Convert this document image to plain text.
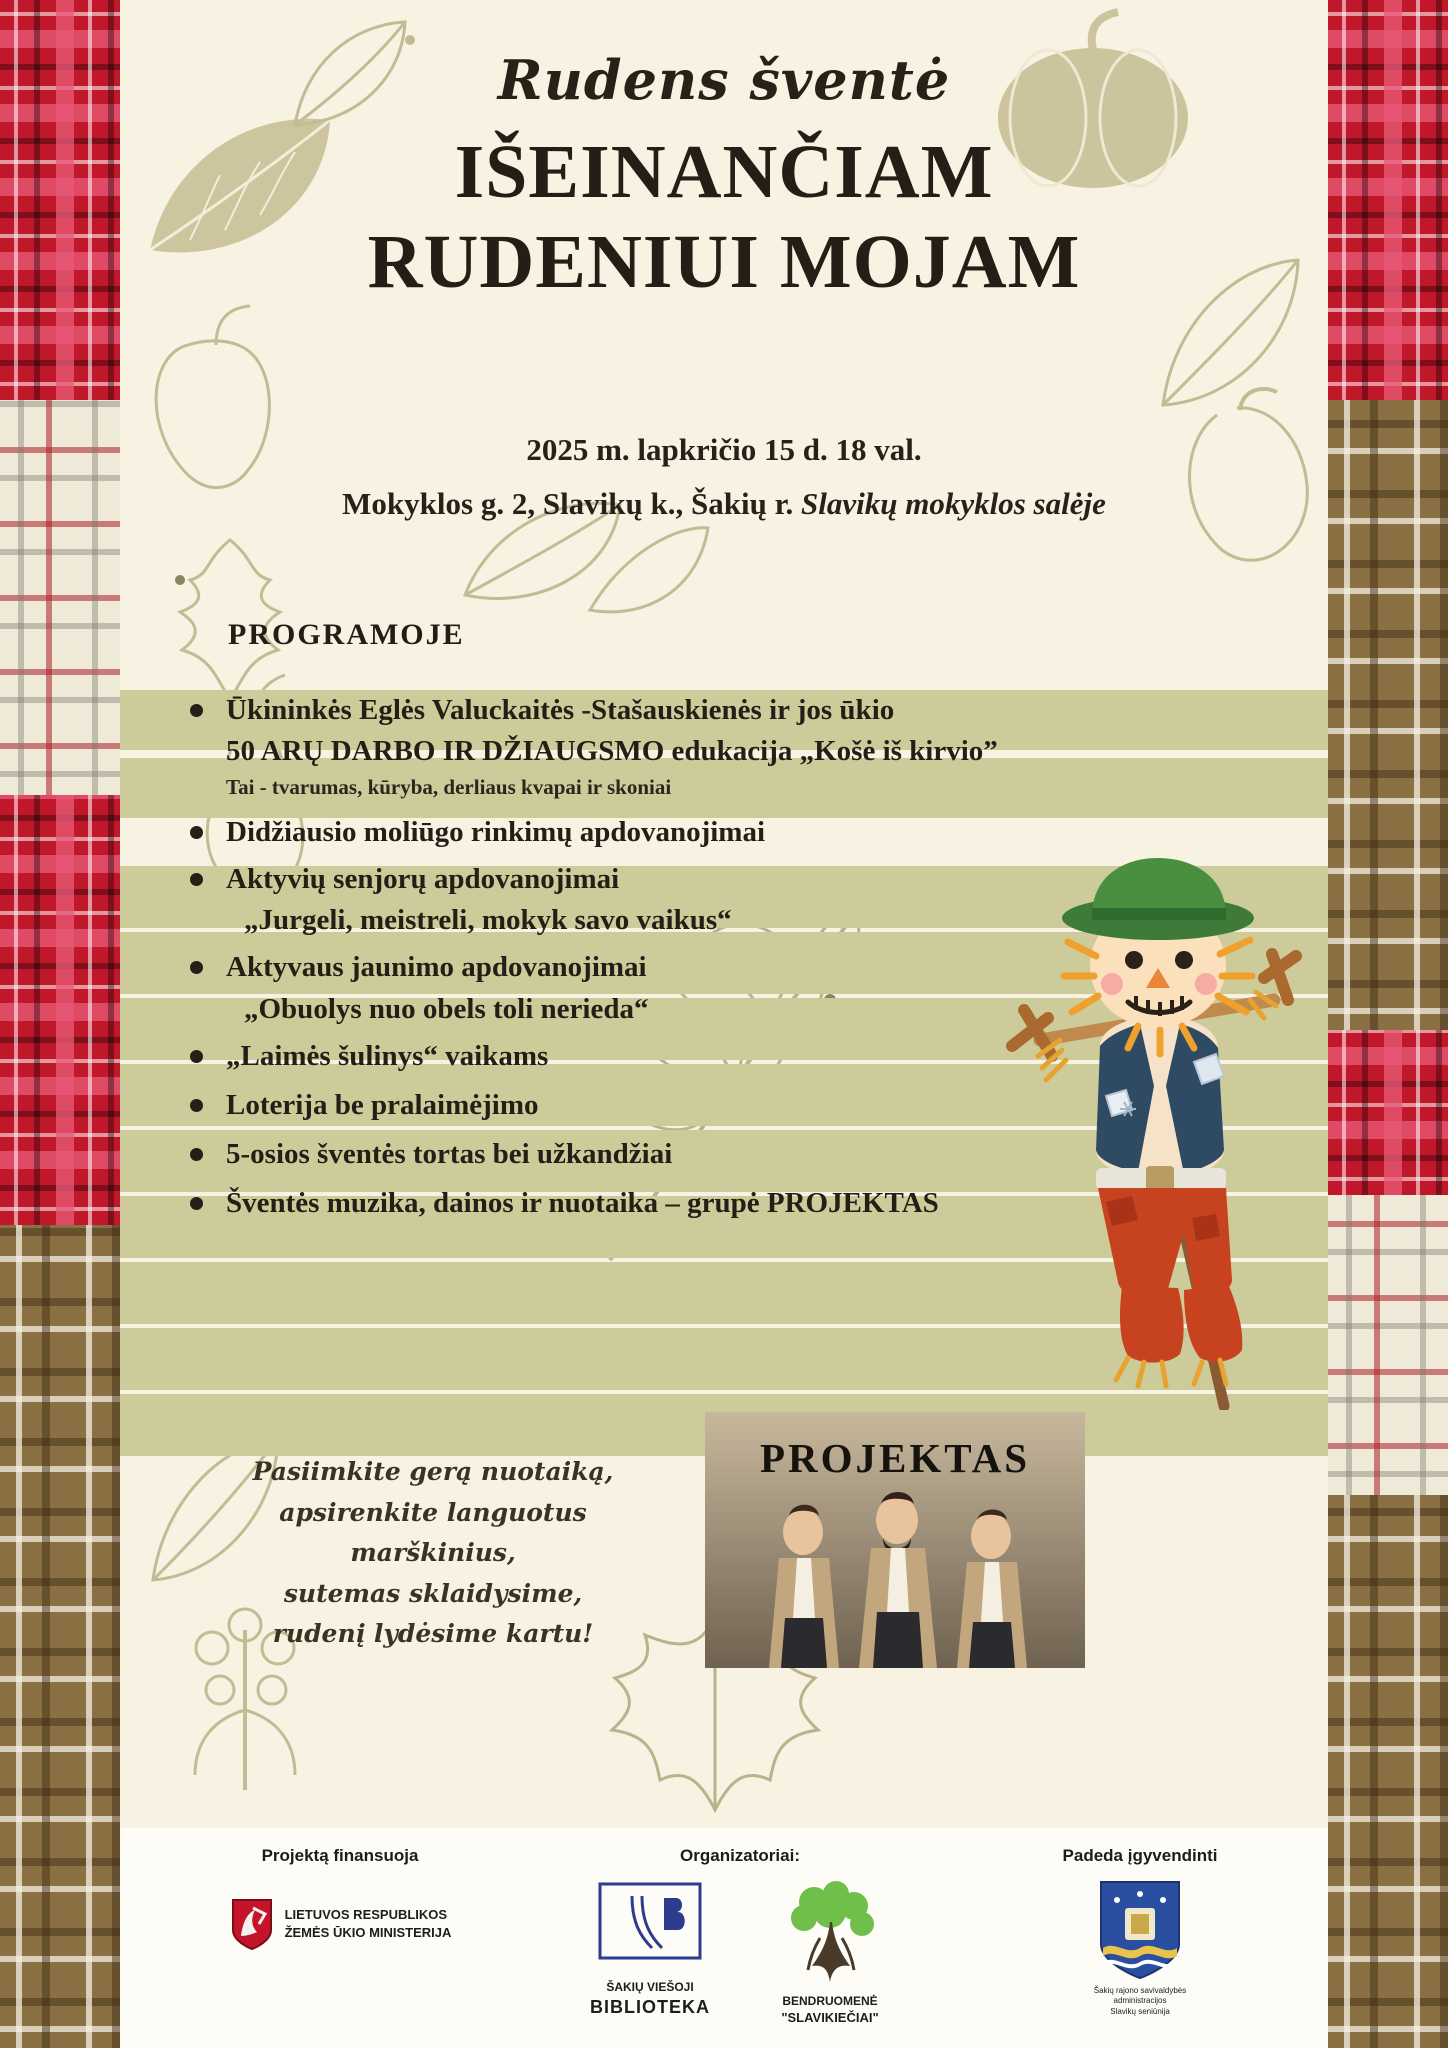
Rudens šventė
IŠEINANČIAM
RUDENIUI MOJAM
2025 m. lapkričio 15 d. 18 val.
Mokyklos g. 2, Slavikų k., Šakių r. Slavikų mokyklos salėje
PROGRAMOJE
Ūkininkės Eglės Valuckaitės -Stašauskienės ir jos ūkio
50 ARŲ DARBO IR DŽIAUGSMO edukacija „Košė iš kirvio”
Tai - tvarumas, kūryba, derliaus kvapai ir skoniai
Didžiausio moliūgo rinkimų apdovanojimai
Aktyvių senjorų apdovanojimai
„Jurgeli, meistreli, mokyk savo vaikus“
Aktyvaus jaunimo apdovanojimai
„Obuolys nuo obels toli nerieda“
„Laimės šulinys“ vaikams
Loterija be pralaimėjimo
5-osios šventės tortas bei užkandžiai
Šventės muzika, dainos ir nuotaika – grupė PROJEKTAS
Pasiimkite gerą nuotaiką,
apsirenkite languotus marškinius,
sutemas sklaidysime,
rudenį lydėsime kartu!
PROJEKTAS
Projektą finansuoja
LIETUVOS RESPUBLIKOS
ŽEMĖS ŪKIO MINISTERIJA
Organizatoriai:
ŠAKIŲ VIEŠOJI
BIBLIOTEKA	BENDRUOMENĖ
"SLAVIKIEČIAI"
Padeda įgyvendinti
Šakių rajono savivaldybės
administracijos
Slavikų seniūnija
